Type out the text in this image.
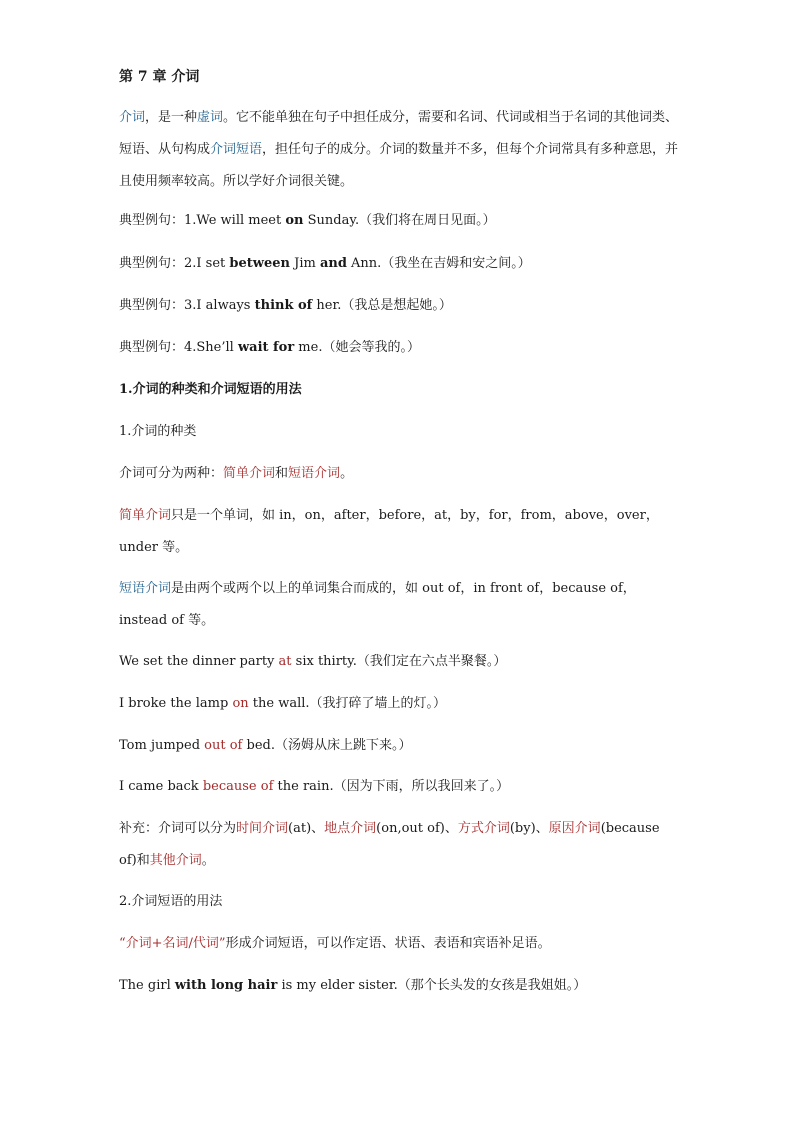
第 7 章 介词
介词，是一种虚词。它不能单独在句子中担任成分，需要和名词、代词或相当于名词的其他词类、短语、从句构成介词短语，担任句子的成分。介词的数量并不多，但每个介词常具有多种意思，并且使用频率较高。所以学好介词很关键。
典型例句：1.We will meet on Sunday.（我们将在周日见面。）
典型例句：2.I set between Jim and Ann.（我坐在吉姆和安之间。）
典型例句：3.I always think of her.（我总是想起她。）
典型例句：4.She’ll wait for me.（她会等我的。）
1.介词的种类和介词短语的用法
1.介词的种类
介词可分为两种：简单介词和短语介词。
简单介词只是一个单词，如 in，on，after，before，at，by，for，from，above，over，under 等。
短语介词是由两个或两个以上的单词集合而成的，如 out of，in front of，because of，instead of 等。
We set the dinner party at six thirty.（我们定在六点半聚餐。）
I broke the lamp on the wall.（我打碎了墙上的灯。）
Tom jumped out of bed.（汤姆从床上跳下来。）
I came back because of the rain.（因为下雨，所以我回来了。）
补充：介词可以分为时间介词(at)、地点介词(on,out of)、方式介词(by)、原因介词(because of)和其他介词。
2.介词短语的用法
“介词+名词/代词”形成介词短语，可以作定语、状语、表语和宾语补足语。
The girl with long hair is my elder sister.（那个长头发的女孩是我姐姐。）
